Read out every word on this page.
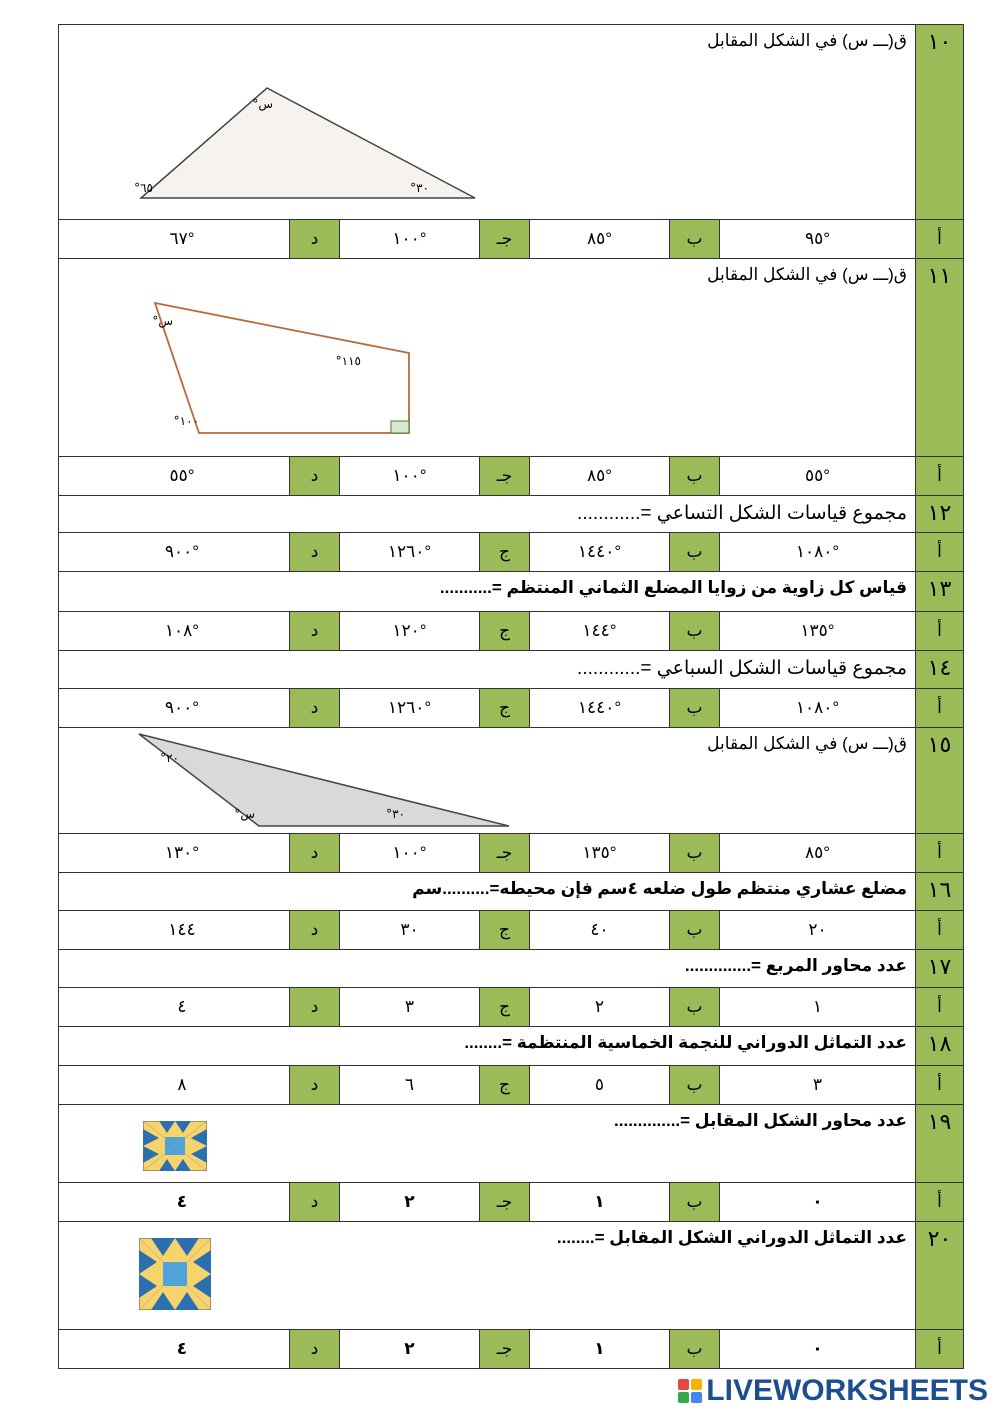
١٠
ق(ـــ س) في الشكل المقابل
س°
٦٥°	٣٠°
أ
٩٥°
ب
٨٥°
جـ
١٠٠°
د
٦٧°
١١
ق(ـــ س) في الشكل المقابل
س°
١١٥°
١٠٠°
أ
٥٥°
ب
٨٥°
جـ
١٠٠°
د
٥٥°
١٢
مجموع قياسات الشكل التساعي =............
أ
١٠٨٠°
ب
١٤٤٠°
ج
١٢٦٠°
د
٩٠٠°
١٣
قياس كل زاوية من زوايا المضلع الثماني المنتظم =...........
أ
١٣٥°
ب
١٤٤°
ج
١٢٠°
د
١٠٨°
١٤
مجموع قياسات الشكل السباعي =............
أ
١٠٨٠°
ب
١٤٤٠°
ج
١٢٦٠°
د
٩٠٠°
١٥
ق(ـــ س) في الشكل المقابل
٢٠°
س°	٣٠°
أ
٨٥°
ب
١٣٥°
جـ
١٠٠°
د
١٣٠°
١٦
مضلع عشاري منتظم طول ضلعه ٤سم فإن محيطه=..........سم
أ
٢٠
ب
٤٠
ج
٣٠
د
١٤٤
١٧
عدد محاور المربع =..............
أ
١
ب
٢
ج
٣
د
٤
١٨
عدد التماثل الدوراني للنجمة الخماسية المنتظمة =........
أ
٣
ب
٥
ج
٦
د
٨
١٩
عدد محاور الشكل المقابل =..............
أ
٠
ب
١
جـ
٢
د
٤
٢٠
عدد التماثل الدوراني الشكل المقابل =........
أ
٠
ب
١
جـ
٢
د
٤
LIVEWORKSHEETS
